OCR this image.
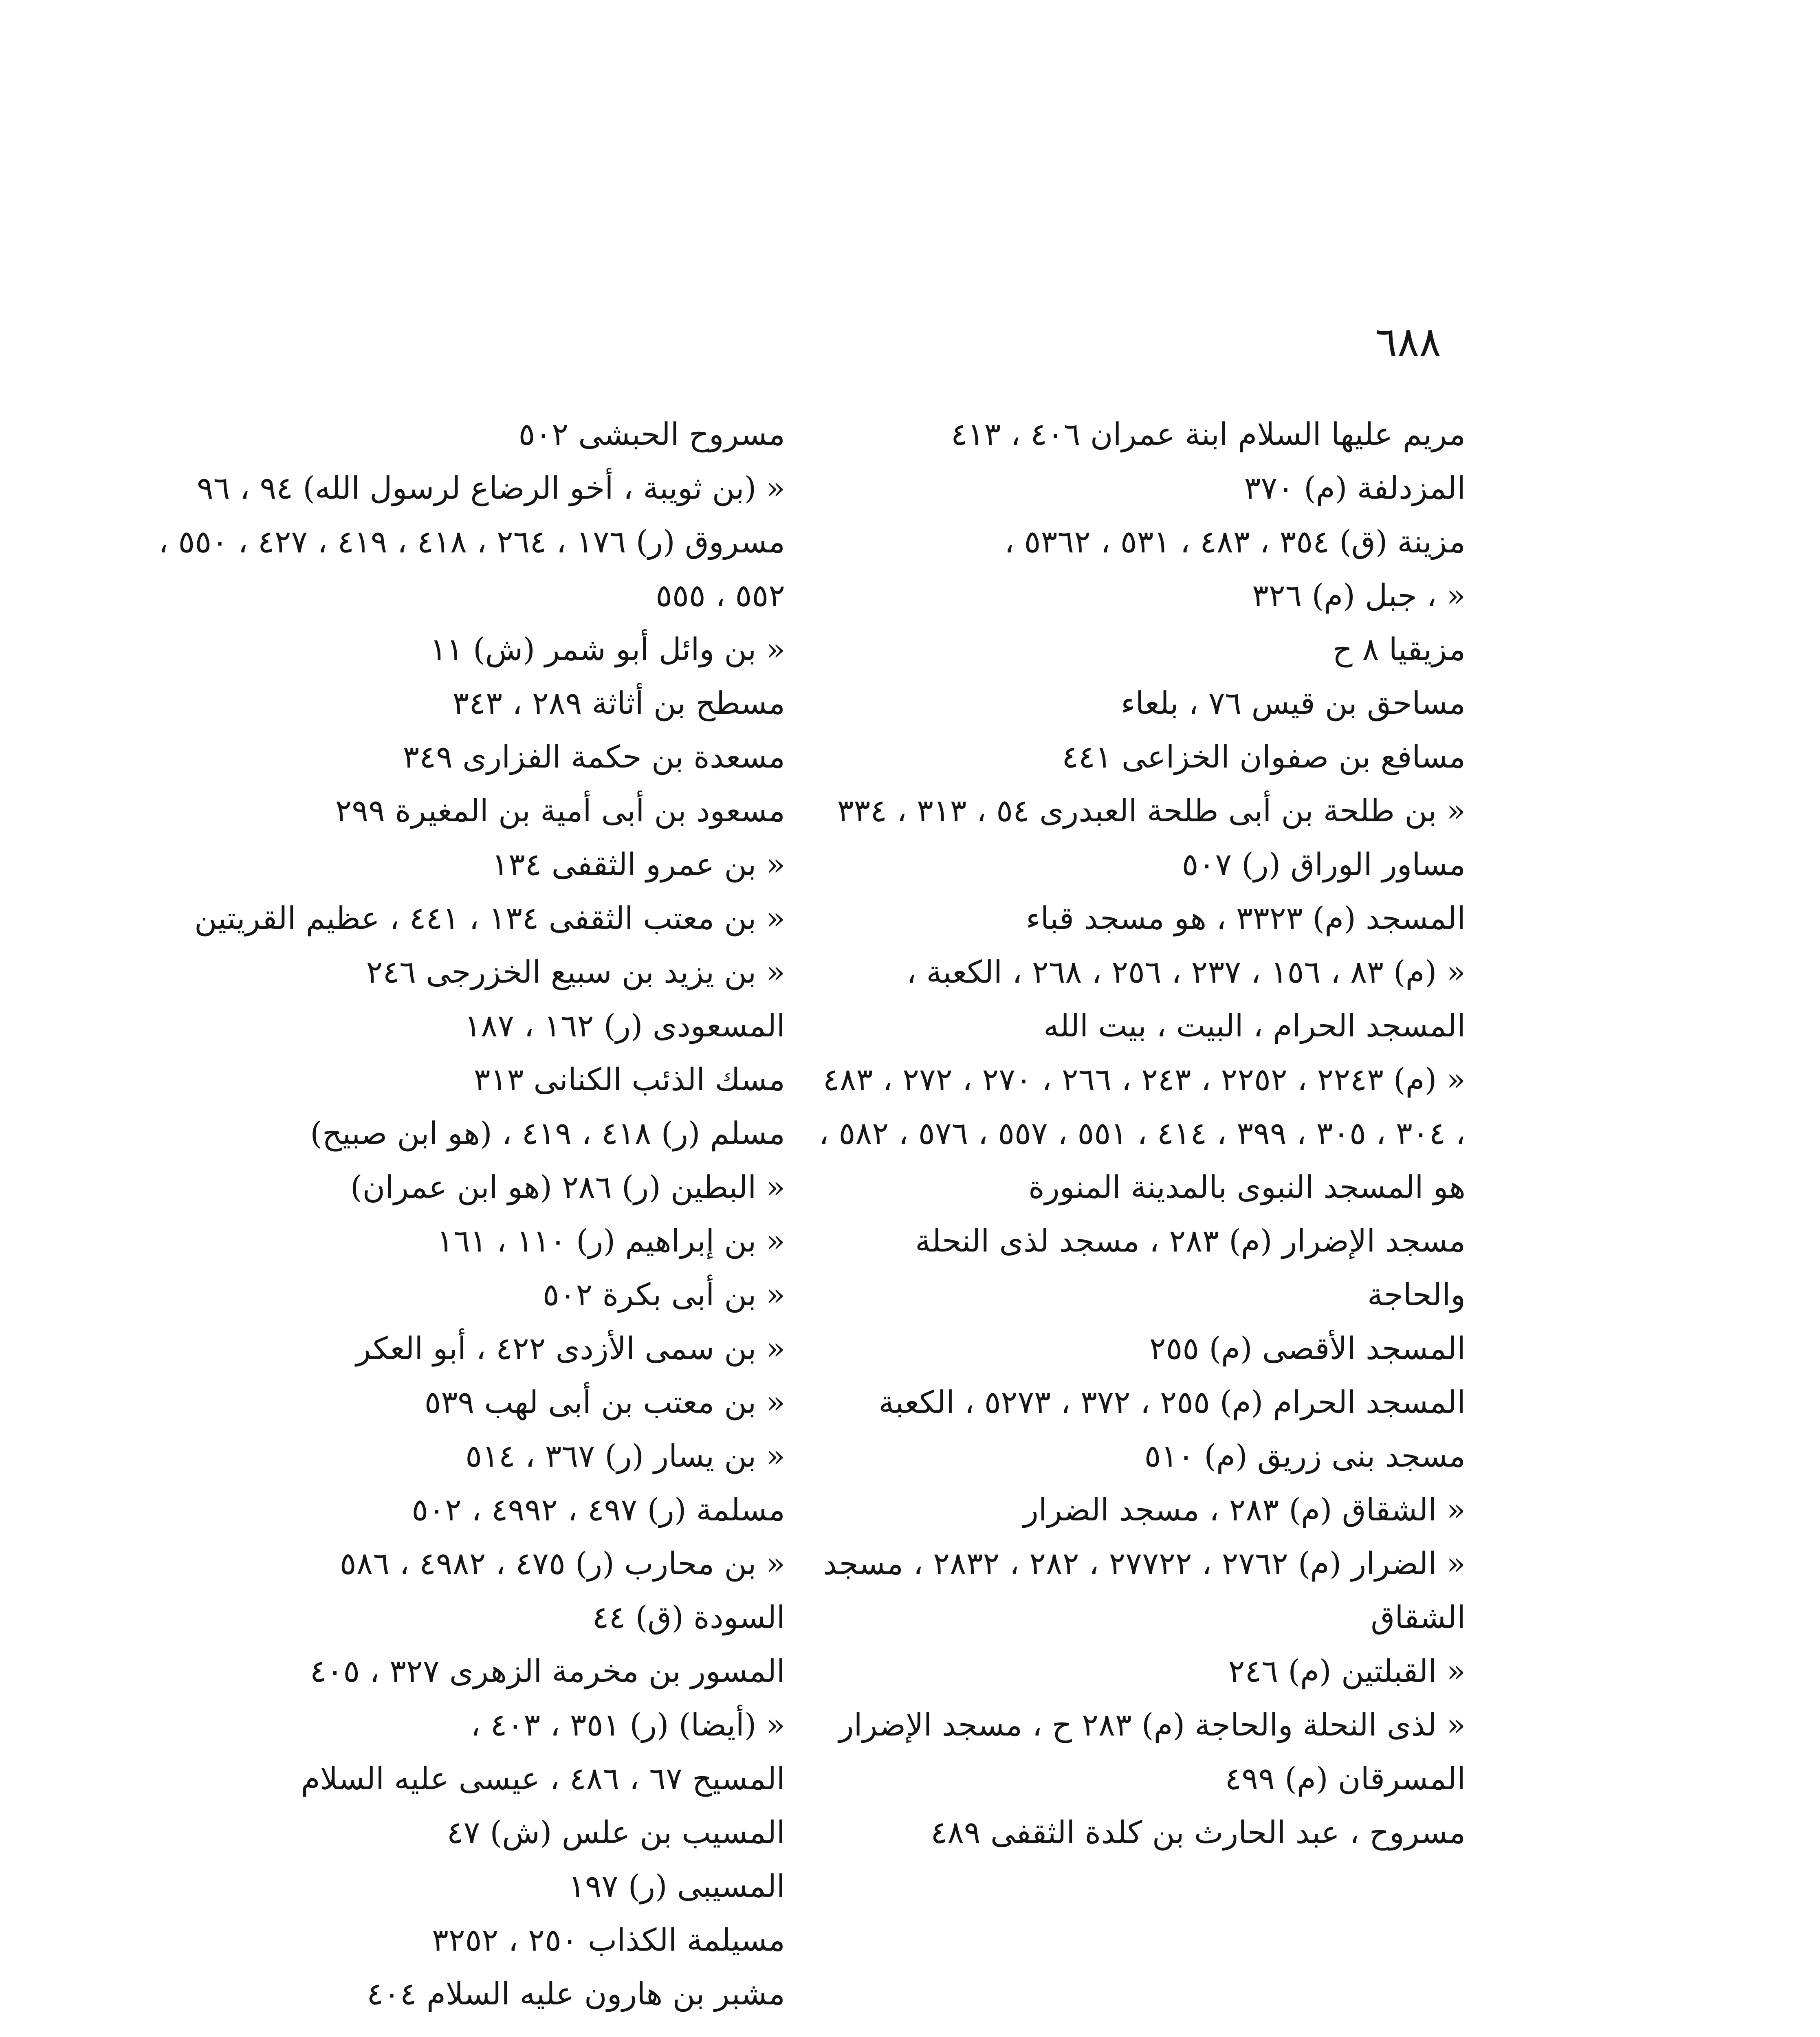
٦٨٨

مريم عليها السلام ابنة عمران ٤٠٦ ، ٤١٣

المزدلفة (م) ٣٧٠

مزينة (ق) ٣٥٤ ، ٤٨٣ ، ٥٣١ ، ٥٣٦٢ ،

« ، جبل (م) ٣٢٦

مزيقيا ٨ ح

مساحق بن قيس ٧٦ ، بلعاء

مسافع بن صفوان الخزاعى ٤٤١

« بن طلحة بن أبى طلحة العبدرى ٥٤ ، ٣١٣ ، ٣٣٤

مساور الوراق (ر) ٥٠٧

المسجد (م) ٣٣٢٣ ، هو مسجد قباء

« (م) ٨٣ ، ١٥٦ ، ٢٣٧ ، ٢٥٦ ، ٢٦٨ ، الكعبة ، المسجد الحرام ، البيت ، بيت الله

« (م) ٢٢٤٣ ، ٢٢٥٢ ، ٢٤٣ ، ٢٦٦ ، ٢٧٠ ، ٢٧٢ ، ٤٨٣ ، ٣٠٤ ، ٣٠٥ ، ٣٩٩ ، ٤١٤ ، ٥٥١ ، ٥٥٧ ، ٥٧٦ ، ٥٨٢ ، هو المسجد النبوى بالمدينة المنورة

مسجد الإضرار (م) ٢٨٣ ، مسجد لذى النحلة والحاجة

المسجد الأقصى (م) ٢٥٥

المسجد الحرام (م) ٢٥٥ ، ٣٧٢ ، ٥٢٧٣ ، الكعبة

مسجد بنى زريق (م) ٥١٠

« الشقاق (م) ٢٨٣ ، مسجد الضرار

« الضرار (م) ٢٧٦٢ ، ٢٧٧٢٢ ، ٢٨٢ ، ٢٨٣٢ ، مسجد الشقاق

« القبلتين (م) ٢٤٦

« لذى النحلة والحاجة (م) ٢٨٣ ح ، مسجد الإضرار

المسرقان (م) ٤٩٩

مسروح ، عبد الحارث بن كلدة الثقفى ٤٨٩

مسروح الحبشى ٥٠٢

« (بن ثويبة ، أخو الرضاع لرسول الله) ٩٤ ، ٩٦

مسروق (ر) ١٧٦ ، ٢٦٤ ، ٤١٨ ، ٤١٩ ، ٤٢٧ ، ٥٥٠ ، ٥٥٢ ، ٥٥٥

« بن وائل أبو شمر (ش) ١١

مسطح بن أثاثة ٢٨٩ ، ٣٤٣

مسعدة بن حكمة الفزارى ٣٤٩

مسعود بن أبى أمية بن المغيرة ٢٩٩

« بن عمرو الثقفى ١٣٤

« بن معتب الثقفى ١٣٤ ، ٤٤١ ، عظيم القريتين

« بن يزيد بن سبيع الخزرجى ٢٤٦

المسعودى (ر) ١٦٢ ، ١٨٧

مسك الذئب الكنانى ٣١٣

مسلم (ر) ٤١٨ ، ٤١٩ ، (هو ابن صبيح)

« البطين (ر) ٢٨٦ (هو ابن عمران)

« بن إبراهيم (ر) ١١٠ ، ١٦١

« بن أبى بكرة ٥٠٢

« بن سمى الأزدى ٤٢٢ ، أبو العكر

« بن معتب بن أبى لهب ٥٣٩

« بن يسار (ر) ٣٦٧ ، ٥١٤

مسلمة (ر) ٤٩٧ ، ٤٩٩٢ ، ٥٠٢

« بن محارب (ر) ٤٧٥ ، ٤٩٨٢ ، ٥٨٦

السودة (ق) ٤٤

المسور بن مخرمة الزهرى ٣٢٧ ، ٤٠٥

« (أيضا) (ر) ٣٥١ ، ٤٠٣ ،

المسيح ٦٧ ، ٤٨٦ ، عيسى عليه السلام

المسيب بن علس (ش) ٤٧

المسيبى (ر) ١٩٧

مسيلمة الكذاب ٢٥٠ ، ٣٢٥٢

مشبر بن هارون عليه السلام ٤٠٤
